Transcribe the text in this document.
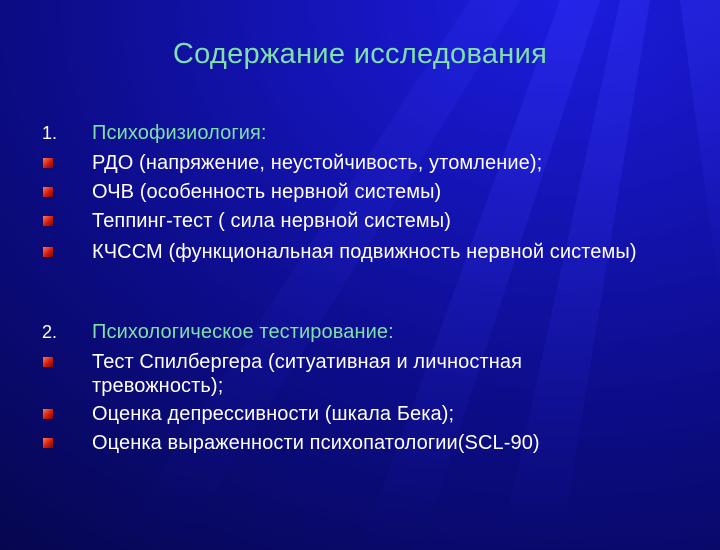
Содержание исследования
1. Психофизиология:
РДО (напряжение, неустойчивость, утомление);
ОЧВ (особенность нервной системы)
Теппинг-тест ( сила нервной системы)
КЧССМ (функциональная подвижность нервной системы)
2. Психологическое тестирование:
Тест Спилбергера (ситуативная и личностная тревожность);
Оценка депрессивности (шкала Бека);
Оценка выраженности психопатологии(SCL-90)
